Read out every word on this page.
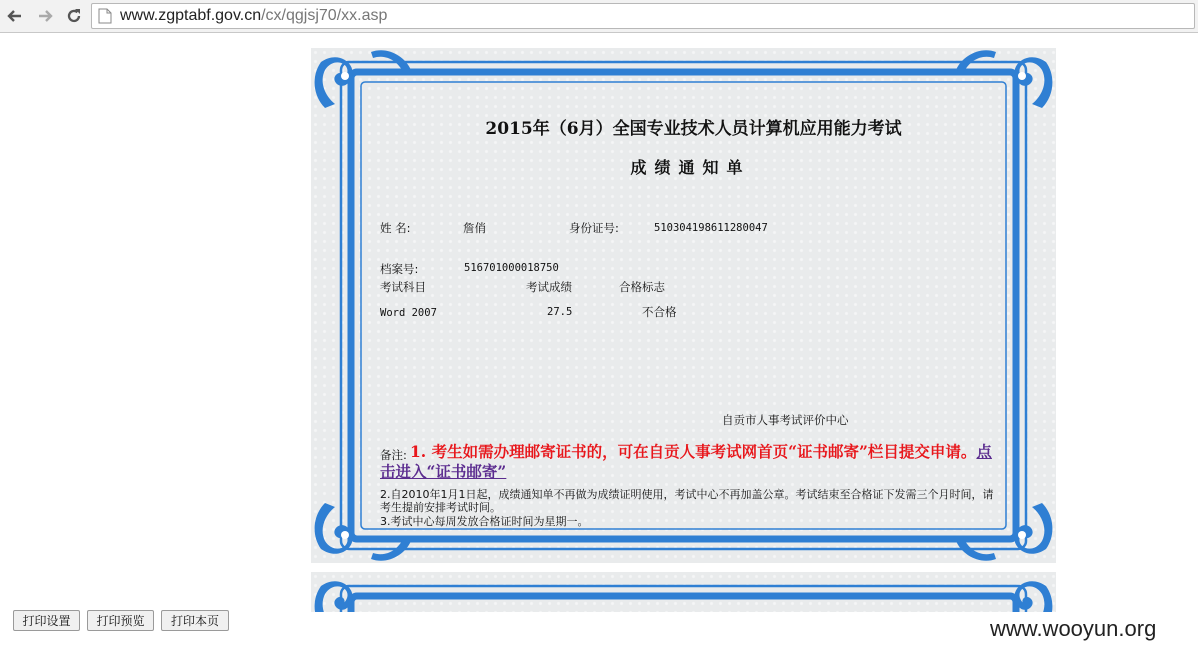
www.zgptabf.gov.cn /cx/qgjsj70/xx.asp
2015年（6月）全国专业技术人员计算机应用能力考试
成绩通知单
姓 名:	詹俏	身份证号:	510304198611280047
档案号:	516701000018750
考试科目	考试成绩	合格标志
Word 2007	27.5	不合格
自贡市人事考试评价中心
备注: 1. 考生如需办理邮寄证书的，可在自贡人事考试网首页“证书邮寄”栏目提交申请。点击进入“证书邮寄”
2.自2010年1月1日起，成绩通知单不再做为成绩证明使用，考试中心不再加盖公章。考试结束至合格证下发需三个月时间，请考生提前安排考试时间。
3.考试中心每周发放合格证时间为星期一。
打印设置	打印预览	打印本页	www.wooyun.org
